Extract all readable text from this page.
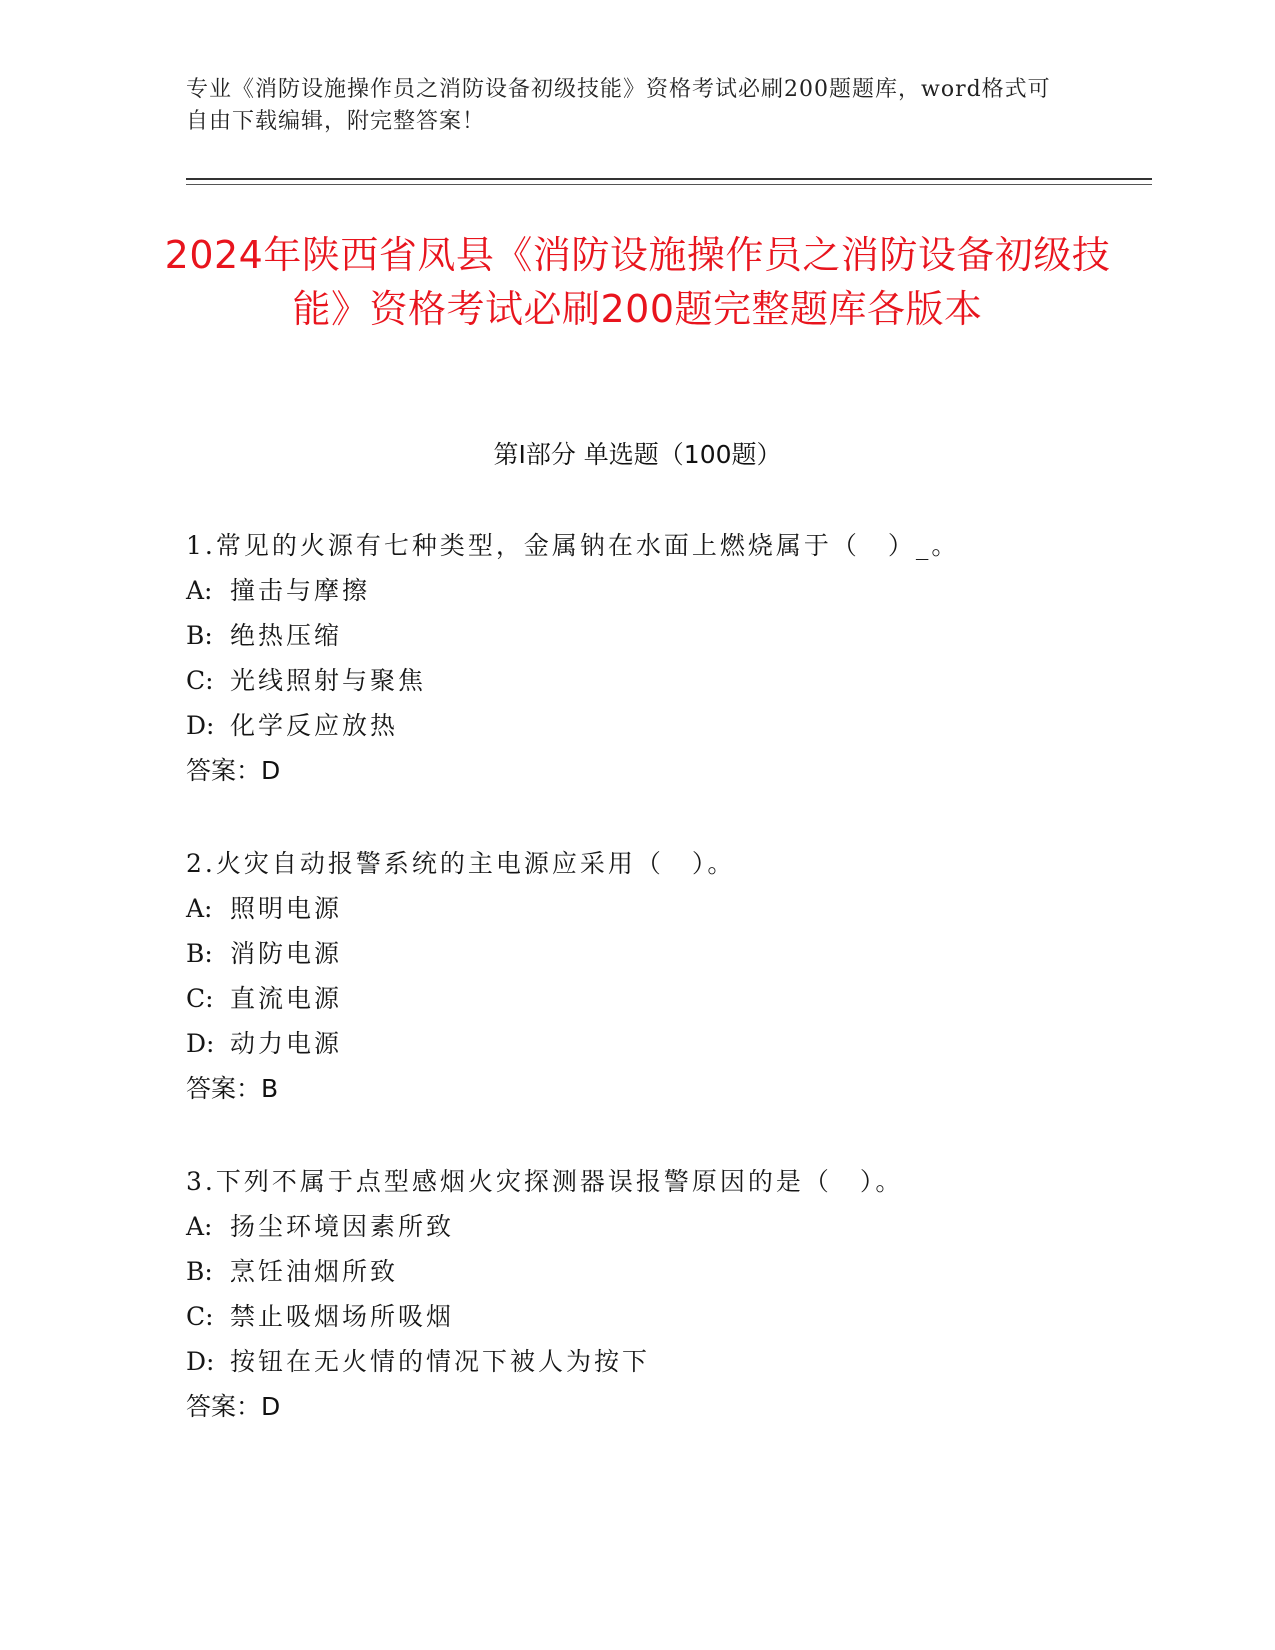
专业《消防设施操作员之消防设备初级技能》资格考试必刷200题题库，word格式可自由下载编辑，附完整答案！
2024年陕西省凤县《消防设施操作员之消防设备初级技能》资格考试必刷200题完整题库各版本
第I部分 单选题（100题）
1.常见的火源有七种类型，金属钠在水面上燃烧属于（　）_。
A: 撞击与摩擦
B: 绝热压缩
C: 光线照射与聚焦
D: 化学反应放热
答案：D
2.火灾自动报警系统的主电源应采用（　）。
A: 照明电源
B: 消防电源
C: 直流电源
D: 动力电源
答案：B
3.下列不属于点型感烟火灾探测器误报警原因的是（　）。
A: 扬尘环境因素所致
B: 烹饪油烟所致
C: 禁止吸烟场所吸烟
D: 按钮在无火情的情况下被人为按下
答案：D
